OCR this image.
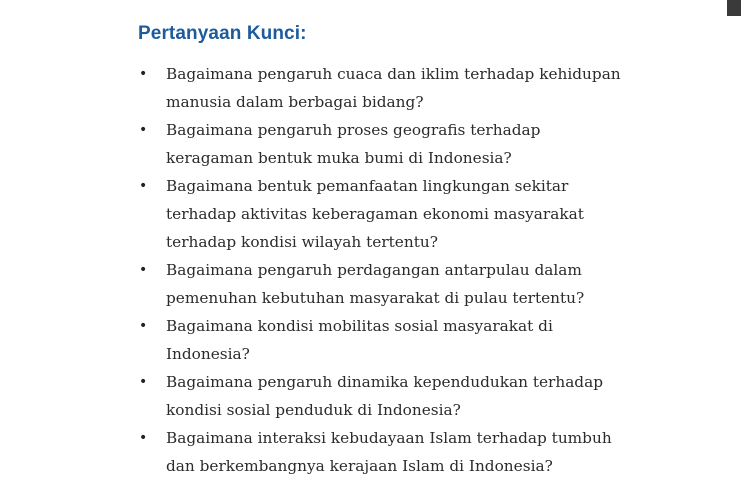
Pertanyaan Kunci:
• Bagaimana pengaruh cuaca dan iklim terhadap kehidupan manusia dalam berbagai bidang?
• Bagaimana pengaruh proses geografis terhadap keragaman bentuk muka bumi di Indonesia?
• Bagaimana bentuk pemanfaatan lingkungan sekitar terhadap aktivitas keberagaman ekonomi masyarakat terhadap kondisi wilayah tertentu?
• Bagaimana pengaruh perdagangan antarpulau dalam pemenuhan kebutuhan masyarakat di pulau tertentu?
• Bagaimana kondisi mobilitas sosial masyarakat di Indonesia?
• Bagaimana pengaruh dinamika kependudukan terhadap kondisi sosial penduduk di Indonesia?
• Bagaimana interaksi kebudayaan Islam terhadap tumbuh dan berkembangnya kerajaan Islam di Indonesia?
